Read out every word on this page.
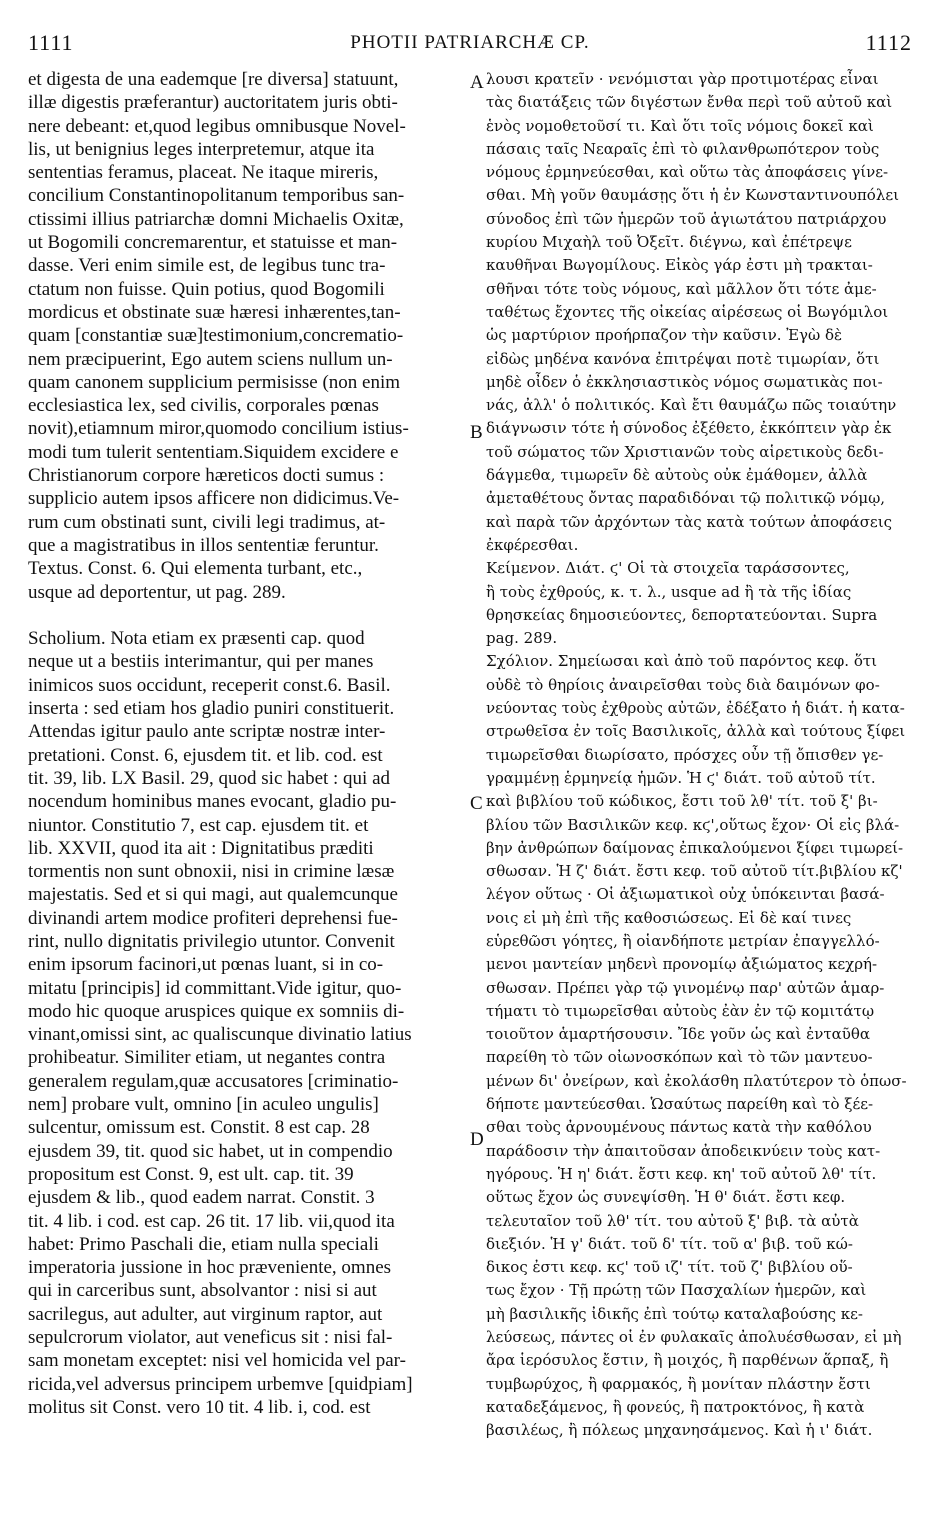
1111	PHOTII PATRIARCHÆ CP.	1112
et digesta de una eademque [re diversa] statuunt,
illæ digestis præferantur) auctoritatem juris obti-
nere debeant: et,quod legibus omnibusque Novel-
lis, ut benignius leges interpretemur, atque ita
sententias feramus, placeat. Ne itaque mireris,
concilium Constantinopolitanum temporibus san-
ctissimi illius patriarchæ domni Michaelis Oxitæ,
ut Bogomili concremarentur, et statuisse et man-
dasse. Veri enim simile est, de legibus tunc tra-
ctatum non fuisse. Quin potius, quod Bogomili
mordicus et obstinate suæ hæresi inhærentes,tan-
quam [constantiæ suæ]testimonium,concrematio-
nem præcipuerint, Ego autem sciens nullum un-
quam canonem supplicium permisisse (non enim
ecclesiastica lex, sed civilis, corporales pœnas
novit),etiamnum miror,quomodo concilium istius-
modi tum tulerit sententiam.Siquidem excidere e
Christianorum corpore hæreticos docti sumus :
supplicio autem ipsos afficere non didicimus.Ve-
rum cum obstinati sunt, civili legi tradimus, at-
que a magistratibus in illos sententiæ feruntur.
Textus. Const. 6. Qui elementa turbant, etc.,
usque ad deportentur, ut pag. 289.
Scholium. Nota etiam ex præsenti cap. quod
neque ut a bestiis interimantur, qui per manes
inimicos suos occidunt, receperit const.6. Basil.
inserta : sed etiam hos gladio puniri constituerit.
Attendas igitur paulo ante scriptæ nostræ inter-
pretationi. Const. 6, ejusdem tit. et lib. cod. est
tit. 39, lib. LX Basil. 29, quod sic habet : qui ad
nocendum hominibus manes evocant, gladio pu-
niuntor. Constitutio 7, est cap. ejusdem tit. et
lib. XXVII, quod ita ait : Dignitatibus præditi
tormentis non sunt obnoxii, nisi in crimine læsæ
majestatis. Sed et si qui magi, aut qualemcunque
divinandi artem modice profiteri deprehensi fue-
rint, nullo dignitatis privilegio utuntor. Convenit
enim ipsorum facinori,ut pœnas luant, si in co-
mitatu [principis] id committant.Vide igitur, quo-
modo hic quoque aruspices quique ex somniis di-
vinant,omissi sint, ac qualiscunque divinatio latius
prohibeatur. Similiter etiam, ut negantes contra
generalem regulam,quæ accusatores [criminatio-
nem] probare vult, omnino [in aculeo ungulis]
sulcentur, omissum est. Constit. 8 est cap. 28
ejusdem 39, tit. quod sic habet, ut in compendio
propositum est Const. 9, est ult. cap. tit. 39
ejusdem & lib., quod eadem narrat. Constit. 3
tit. 4 lib. i cod. est cap. 26 tit. 17 lib. vii,quod ita
habet: Primo Paschali die, etiam nulla speciali
imperatoria jussione in hoc præveniente, omnes
qui in carceribus sunt, absolvantor : nisi si aut
sacrilegus, aut adulter, aut virginum raptor, aut
sepulcrorum violator, aut veneficus sit : nisi fal-
sam monetam exceptet: nisi vel homicida vel par-
ricida,vel adversus principem urbemve [quidpiam]
molitus sit Const. vero 10 tit. 4 lib. i, cod. est
λουσι κρατεῖν · νενόμισται γὰρ προτιμοτέρας εἶναι
τὰς διατάξεις τῶν διγέστων ἔνθα περὶ τοῦ αὐτοῦ καὶ
ἑνὸς νομοθετοῦσί τι. Καὶ ὅτι τοῖς νόμοις δοκεῖ καὶ
πάσαις ταῖς Νεαραῖς ἐπὶ τὸ φιλανθρωπότερον τοὺς
νόμους ἑρμηνεύεσθαι, καὶ οὕτω τὰς ἀποφάσεις γίνε-
σθαι. Μὴ γοῦν θαυμάσῃς ὅτι ἡ ἐν Κωνσταντινουπόλει
σύνοδος ἐπὶ τῶν ἡμερῶν τοῦ ἁγιωτάτου πατριάρχου
κυρίου Μιχαὴλ τοῦ Ὀξεῖτ. διέγνω, καὶ ἐπέτρεψε
καυθῆναι Βωγομίλους. Εἰκὸς γάρ ἐστι μὴ τρακται-
σθῆναι τότε τοὺς νόμους, καὶ μᾶλλον ὅτι τότε ἀμε-
ταθέτως ἔχοντες τῆς οἰκείας αἱρέσεως οἱ Βωγόμιλοι
ὡς μαρτύριον προήρπαζον τὴν καῦσιν. Ἐγὼ δὲ
εἰδὼς μηδένα κανόνα ἐπιτρέψαι ποτὲ τιμωρίαν, ὅτι
μηδὲ οἶδεν ὁ ἐκκλησιαστικὸς νόμος σωματικὰς ποι-
νάς, ἀλλ' ὁ πολιτικός. Καὶ ἔτι θαυμάζω πῶς τοιαύτην
διάγνωσιν τότε ἡ σύνοδος ἐξέθετο, ἐκκόπτειν γὰρ ἐκ
τοῦ σώματος τῶν Χριστιανῶν τοὺς αἱρετικοὺς δεδι-
δάγμεθα, τιμωρεῖν δὲ αὐτοὺς οὐκ ἐμάθομεν, ἀλλὰ
ἀμεταθέτους ὄντας παραδιδόναι τῷ πολιτικῷ νόμῳ,
καὶ παρὰ τῶν ἀρχόντων τὰς κατὰ τούτων ἀποφάσεις
ἐκφέρεσθαι.
Κείμενον. Διάτ. ϛ' Οἱ τὰ στοιχεῖα ταράσσοντες,
ἢ τοὺς ἐχθρούς, κ. τ. λ., usque ad ἢ τὰ τῆς ἰδίας
θρησκείας δημοσιεύοντες, δεπορτατεύονται. Supra
pag. 289.
Σχόλιον. Σημείωσαι καὶ ἀπὸ τοῦ παρόντος κεφ. ὅτι
οὐδὲ τὸ θηρίοις ἀναιρεῖσθαι τοὺς διὰ δαιμόνων φο-
νεύοντας τοὺς ἐχθροὺς αὐτῶν, ἐδέξατο ἡ διάτ. ἡ κατα-
στρωθεῖσα ἐν τοῖς Βασιλικοῖς, ἀλλὰ καὶ τούτους ξίφει
τιμωρεῖσθαι διωρίσατο, πρόσχες οὖν τῇ ὄπισθεν γε-
γραμμένῃ ἑρμηνείᾳ ἡμῶν. Ἡ ϛ' διάτ. τοῦ αὐτοῦ τίτ.
καὶ βιβλίου τοῦ κώδικος, ἔστι τοῦ λθ' τίτ. τοῦ ξ' βι-
βλίου τῶν Βασιλικῶν κεφ. κϛ',οὕτως ἔχον· Οἱ εἰς βλά-
βην ἀνθρώπων δαίμονας ἐπικαλούμενοι ξίφει τιμωρεί-
σθωσαν. Ἡ ζ' διάτ. ἔστι κεφ. τοῦ αὐτοῦ τίτ.βιβλίου κζ'
λέγον οὕτως · Οἱ ἀξιωματικοὶ οὐχ ὑπόκεινται βασά-
νοις εἰ μὴ ἐπὶ τῆς καθοσιώσεως. Εἰ δὲ καί τινες
εὑρεθῶσι γόητες, ἢ οἱανδήποτε μετρίαν ἐπαγγελλό-
μενοι μαντείαν μηδενὶ προνομίῳ ἀξιώματος κεχρή-
σθωσαν. Πρέπει γὰρ τῷ γινομένῳ παρ' αὐτῶν ἁμαρ-
τήματι τὸ τιμωρεῖσθαι αὐτοὺς ἐὰν ἐν τῷ κομιτάτῳ
τοιοῦτον ἁμαρτήσουσιν. Ἴδε γοῦν ὡς καὶ ἐνταῦθα
παρείθη τὸ τῶν οἰωνοσκόπων καὶ τὸ τῶν μαντευο-
μένων δι' ὀνείρων, καὶ ἐκολάσθη πλατύτερον τὸ ὁπωσ-
δήποτε μαντεύεσθαι. Ὡσαύτως παρείθη καὶ τὸ ξέε-
σθαι τοὺς ἀρνουμένους πάντως κατὰ τὴν καθόλου
παράδοσιν τὴν ἀπαιτοῦσαν ἀποδεικνύειν τοὺς κατ-
ηγόρους. Ἡ η' διάτ. ἔστι κεφ. κη' τοῦ αὐτοῦ λθ' τίτ.
οὕτως ἔχον ὡς συνεψίσθη. Ἡ θ' διάτ. ἔστι κεφ.
τελευταῖον τοῦ λθ' τίτ. του αὐτοῦ ξ' βιβ. τὰ αὐτὰ
διεξιόν. Ἡ γ' διάτ. τοῦ δ' τίτ. τοῦ α' βιβ. τοῦ κώ-
δικος ἐστι κεφ. κϛ' τοῦ ιζ' τίτ. τοῦ ζ' βιβλίου οὕ-
τως ἔχον · Τῇ πρώτῃ τῶν Πασχαλίων ἡμερῶν, καὶ
μὴ βασιλικῆς ἰδικῆς ἐπὶ τούτῳ καταλαβούσης κε-
λεύσεως, πάντες οἱ ἐν φυλακαῖς ἀπολυέσθωσαν, εἰ μὴ
ἄρα ἱερόσυλος ἔστιν, ἢ μοιχός, ἢ παρθένων ἅρπαξ, ἢ
τυμβωρύχος, ἢ φαρμακός, ἢ μονίταν πλάστην ἔστι
καταδεξάμενος, ἢ φονεύς, ἢ πατροκτόνος, ἢ κατὰ
βασιλέως, ἢ πόλεως μηχανησάμενος. Καὶ ἡ ι' διάτ.
A
B
C
D
